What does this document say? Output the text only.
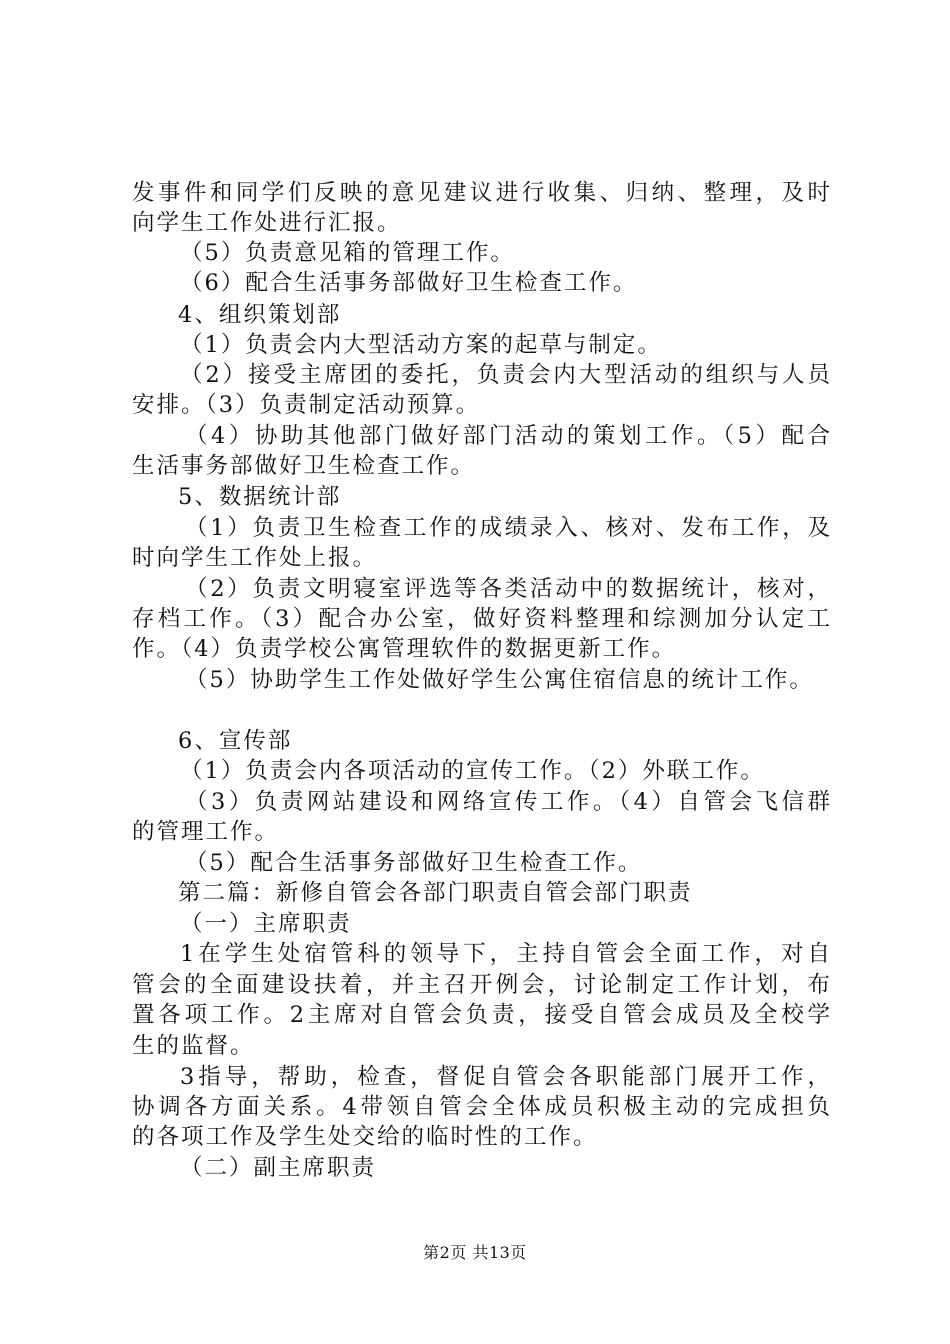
发事件和同学们反映的意见建议进行收集、归纳、整理，及时
向学生工作处进行汇报。
（5）负责意见箱的管理工作。
（6）配合生活事务部做好卫生检查工作。
4、组织策划部
（1）负责会内大型活动方案的起草与制定。
（2）接受主席团的委托，负责会内大型活动的组织与人员
安排。（3）负责制定活动预算。
（4）协助其他部门做好部门活动的策划工作。（5）配合
生活事务部做好卫生检查工作。
5、数据统计部
（1）负责卫生检查工作的成绩录入、核对、发布工作，及
时向学生工作处上报。
（2）负责文明寝室评选等各类活动中的数据统计，核对，
存档工作。（3）配合办公室，做好资料整理和综测加分认定工
作。（4）负责学校公寓管理软件的数据更新工作。
（5）协助学生工作处做好学生公寓住宿信息的统计工作。
6、宣传部
（1）负责会内各项活动的宣传工作。（2）外联工作。
（3）负责网站建设和网络宣传工作。（4）自管会飞信群
的管理工作。
（5）配合生活事务部做好卫生检查工作。
第二篇：新修自管会各部门职责自管会部门职责
（一）主席职责
1在学生处宿管科的领导下，主持自管会全面工作，对自
管会的全面建设扶着，并主召开例会，讨论制定工作计划，布
置各项工作。2主席对自管会负责，接受自管会成员及全校学
生的监督。
3指导，帮助，检查，督促自管会各职能部门展开工作，
协调各方面关系。4带领自管会全体成员积极主动的完成担负
的各项工作及学生处交给的临时性的工作。
（二）副主席职责
第2页 共13页
